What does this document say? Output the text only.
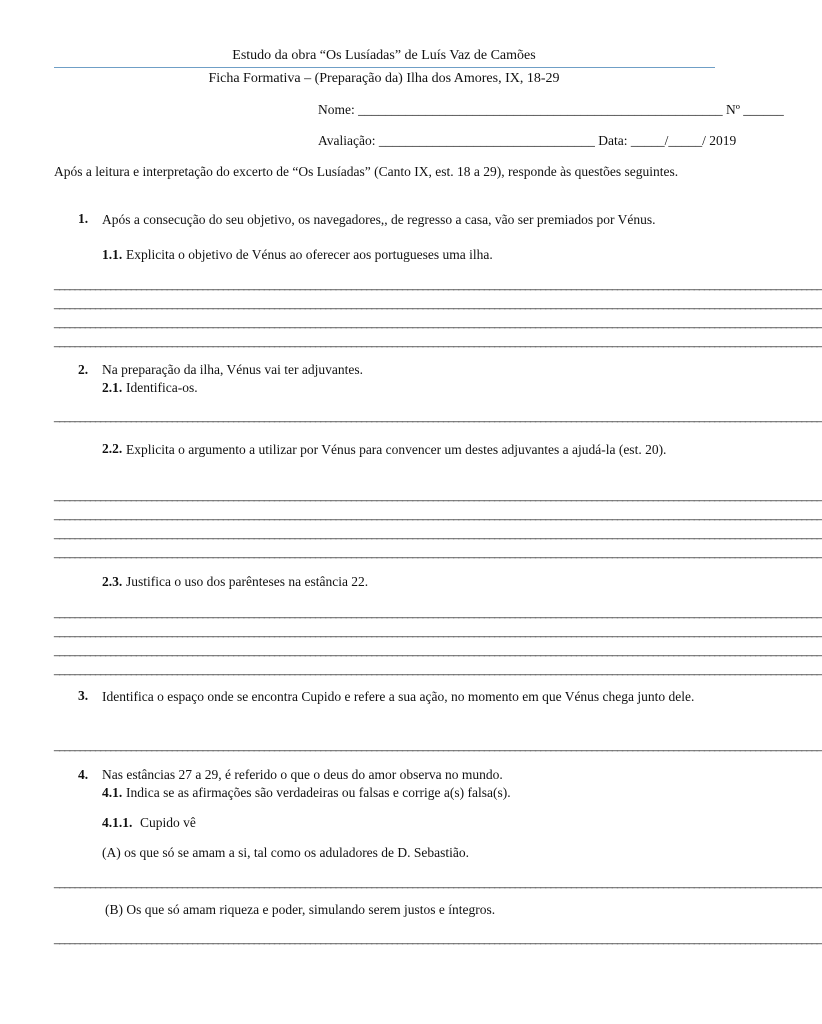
Estudo da obra “Os Lusíadas” de Luís Vaz de Camões
Ficha Formativa – (Preparação da) Ilha dos Amores, IX, 18-29
Nome: ______________________________________________________ Nº ______
Avaliação: ________________________________ Data: _____/_____/ 2019
Após a leitura e interpretação do excerto de “Os Lusíadas” (Canto IX, est. 18 a 29), responde às questões seguintes.
1. Após a consecução do seu objetivo, os navegadores,, de regresso a casa, vão ser premiados por Vénus.
1.1. Explicita o objetivo de Vénus ao oferecer aos portugueses uma ilha.
______________________________________________________________________________________________________________________________________________________
______________________________________________________________________________________________________________________________________________________
______________________________________________________________________________________________________________________________________________________
______________________________________________________________________________________________________________________________________________________
2. Na preparação da ilha, Vénus vai ter adjuvantes.
2.1. Identifica-os.
______________________________________________________________________________________________________________________________________________________
2.2. Explicita o argumento a utilizar por Vénus para convencer um destes adjuvantes a ajudá-la (est. 20).
______________________________________________________________________________________________________________________________________________________
______________________________________________________________________________________________________________________________________________________
______________________________________________________________________________________________________________________________________________________
______________________________________________________________________________________________________________________________________________________
2.3. Justifica o uso dos parênteses na estância 22.
______________________________________________________________________________________________________________________________________________________
______________________________________________________________________________________________________________________________________________________
______________________________________________________________________________________________________________________________________________________
______________________________________________________________________________________________________________________________________________________
3. Identifica o espaço onde se encontra Cupido e refere a sua ação, no momento em que Vénus chega junto dele.
______________________________________________________________________________________________________________________________________________________
4. Nas estâncias 27 a 29, é referido o que o deus do amor observa no mundo.
4.1. Indica se as afirmações são verdadeiras ou falsas e corrige a(s) falsa(s).
4.1.1. Cupido vê
(A) os que só se amam a si, tal como os aduladores de D. Sebastião.
______________________________________________________________________________________________________________________________________________________
(B) Os que só amam riqueza e poder, simulando serem justos e íntegros.
______________________________________________________________________________________________________________________________________________________
